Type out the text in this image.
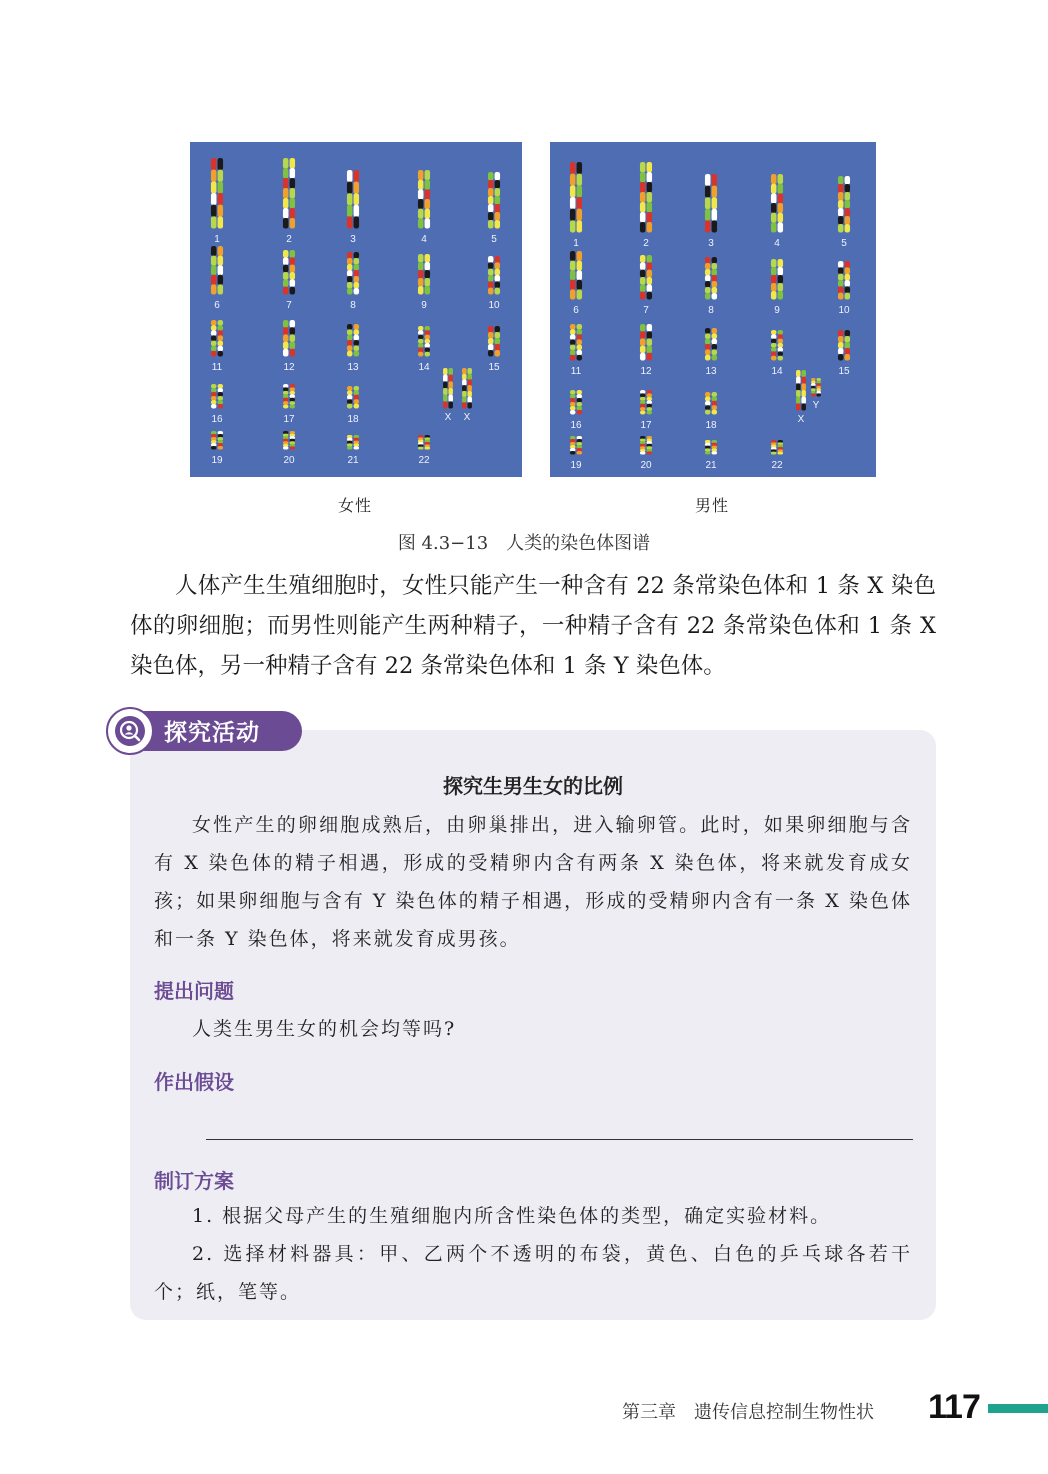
1	2	3	4	5
6	7	8	9	10
11	12	13	14	15
16	17	18
19	20	21	22
X X
1	2	3	4	5
6	7	8	9	10
11	12	13	14	15
16	17	18
19	20	21	22
X
Y
女性	男性
图 4.3−13 人类的染色体图谱

人体产生生殖细胞时，女性只能产生一种含有 22 条常染色体和 1 条 X 染色体的卵细胞；而男性则能产生两种精子，一种精子含有 22 条常染色体和 1 条 X 染色体，另一种精子含有 22 条常染色体和 1 条 Y 染色体。

探究活动
探究生男生女的比例

女性产生的卵细胞成熟后，由卵巢排出，进入输卵管。此时，如果卵细胞与含有 X 染色体的精子相遇，形成的受精卵内含有两条 X 染色体，将来就发育成女孩；如果卵细胞与含有 Y 染色体的精子相遇，形成的受精卵内含有一条 X 染色体和一条 Y 染色体，将来就发育成男孩。

提出问题

人类生男生女的机会均等吗?

作出假设
制订方案

1. 根据父母产生的生殖细胞内所含性染色体的类型，确定实验材料。

2. 选择材料器具：甲、乙两个不透明的布袋，黄色、白色的乒乓球各若干个；纸，笔等。

第三章 遗传信息控制生物性状 117
